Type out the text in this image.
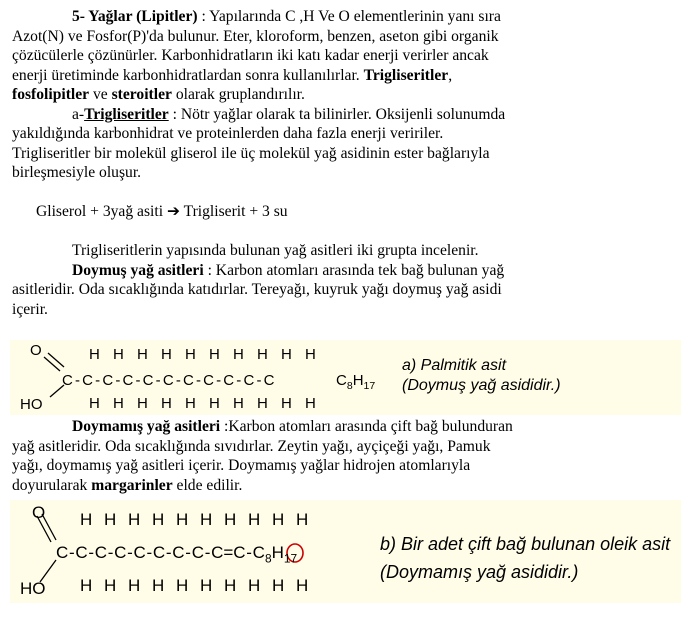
5- Yağlar (Lipitler) : Yapılarında C ,H Ve O elementlerinin yanı sıra
Azot(N) ve Fosfor(P)'da bulunur. Eter, kloroform, benzen, aseton gibi organik
çözücülerle çözünürler. Karbonhidratların iki katı kadar enerji verirler ancak
enerji üretiminde karbonhidratlardan sonra kullanılırlar. Trigliseritler,
fosfolipitler ve steroitler olarak gruplandırılır.
a-Trigliseritler : Nötr yağlar olarak ta bilinirler. Oksijenli solunumda
yakıldığında karbonhidrat ve proteinlerden daha fazla enerji veririler.
Trigliseritler bir molekül gliserol ile üç molekül yağ asidinin ester bağlarıyla
birleşmesiyle oluşur.
Gliserol + 3yağ asiti ➔ Trigliserit + 3 su
Trigliseritlerin yapısında bulunan yağ asitleri iki grupta incelenir.
Doymuş yağ asitleri : Karbon atomları arasında tek bağ bulunan yağ
asitleridir. Oda sıcaklığında katıdırlar. Tereyağı, kuyruk yağı doymuş yağ asidi
içerir.
O
HO
H H H H H H H H H H
C - C - C - C - C - C - C - C - C - C - C
H H H H H H H H H H
$C_8H_{17}$
a) Palmitik asit
(Doymuş yağ asididir.)
Doymamış yağ asitleri :Karbon atomları arasında çift bağ bulunduran
yağ asitleridir. Oda sıcaklığında sıvıdırlar. Zeytin yağı, ayçiçeği yağı, Pamuk
yağı, doymamış yağ asitleri içerir. Doymamış yağlar hidrojen atomlarıyla
doyurularak margarinler elde edilir.
O
HO
H H H H H H H H H H
$C - C - C - C - C - C - C - C - C=C - C_8H_{17}$
H H H H H H H H H H
b) Bir adet çift bağ bulunan oleik asit
(Doymamış yağ asididir.)
